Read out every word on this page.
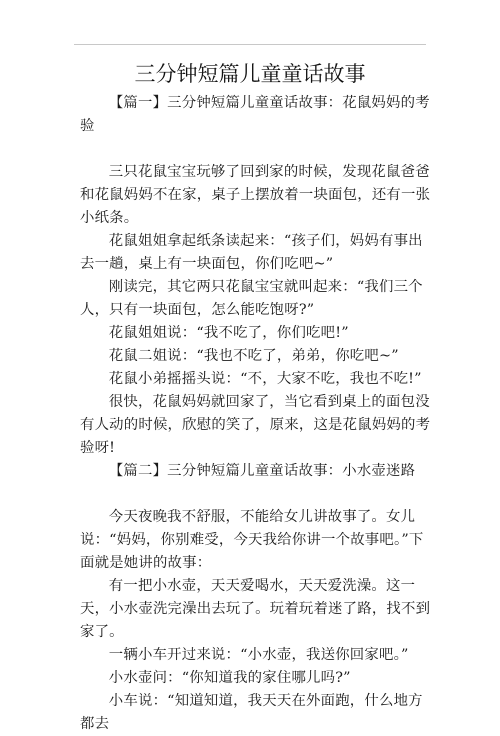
三分钟短篇儿童童话故事

【篇一】三分钟短篇儿童童话故事：花鼠妈妈的考验

三只花鼠宝宝玩够了回到家的时候，发现花鼠爸爸和花鼠妈妈不在家，桌子上摆放着一块面包，还有一张小纸条。

花鼠姐姐拿起纸条读起来：“孩子们，妈妈有事出去一趟，桌上有一块面包，你们吃吧~”

刚读完，其它两只花鼠宝宝就叫起来：“我们三个人，只有一块面包，怎么能吃饱呀?”

花鼠姐姐说：“我不吃了，你们吃吧!”

花鼠二姐说：“我也不吃了，弟弟，你吃吧~”

花鼠小弟摇摇头说：“不，大家不吃，我也不吃!”

很快，花鼠妈妈就回家了，当它看到桌上的面包没有人动的时候，欣慰的笑了，原来，这是花鼠妈妈的考验呀!

【篇二】三分钟短篇儿童童话故事：小水壶迷路

今天夜晚我不舒服，不能给女儿讲故事了。女儿说：“妈妈，你别难受，今天我给你讲一个故事吧。”下面就是她讲的故事：

有一把小水壶，天天爱喝水，天天爱洗澡。这一天，小水壶洗完澡出去玩了。玩着玩着迷了路，找不到家了。

一辆小车开过来说：“小水壶，我送你回家吧。”

小水壶问：“你知道我的家住哪儿吗?”

小车说：“知道知道，我天天在外面跑，什么地方都去
